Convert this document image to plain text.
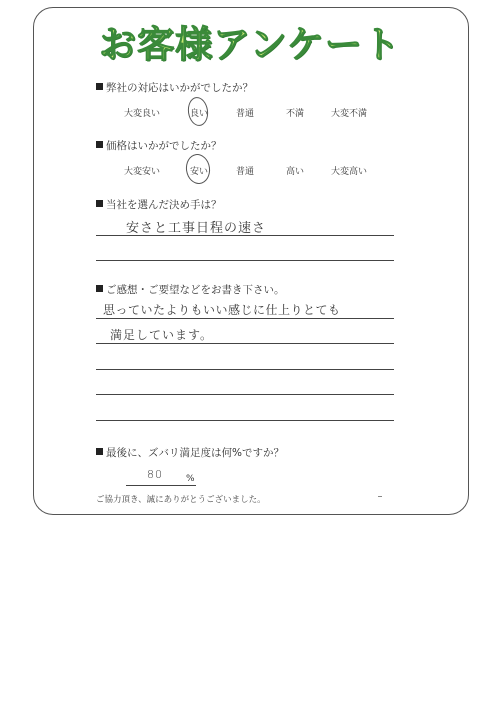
お客様アンケート
弊社の対応はいかがでしたか？
大変良い	良い	普通	不満	大変不満
価格はいかがでしたか？
大変安い	安い	普通	高い	大変高い
当社を選んだ決め手は？
安さと工事日程の速さ
ご感想・ご要望などをお書き下さい。
思っていたよりもいい感じに仕上りとても
満足しています。
最後に、ズバリ満足度は何%ですか？
80	%
ご協力頂き、誠にありがとうございました。
